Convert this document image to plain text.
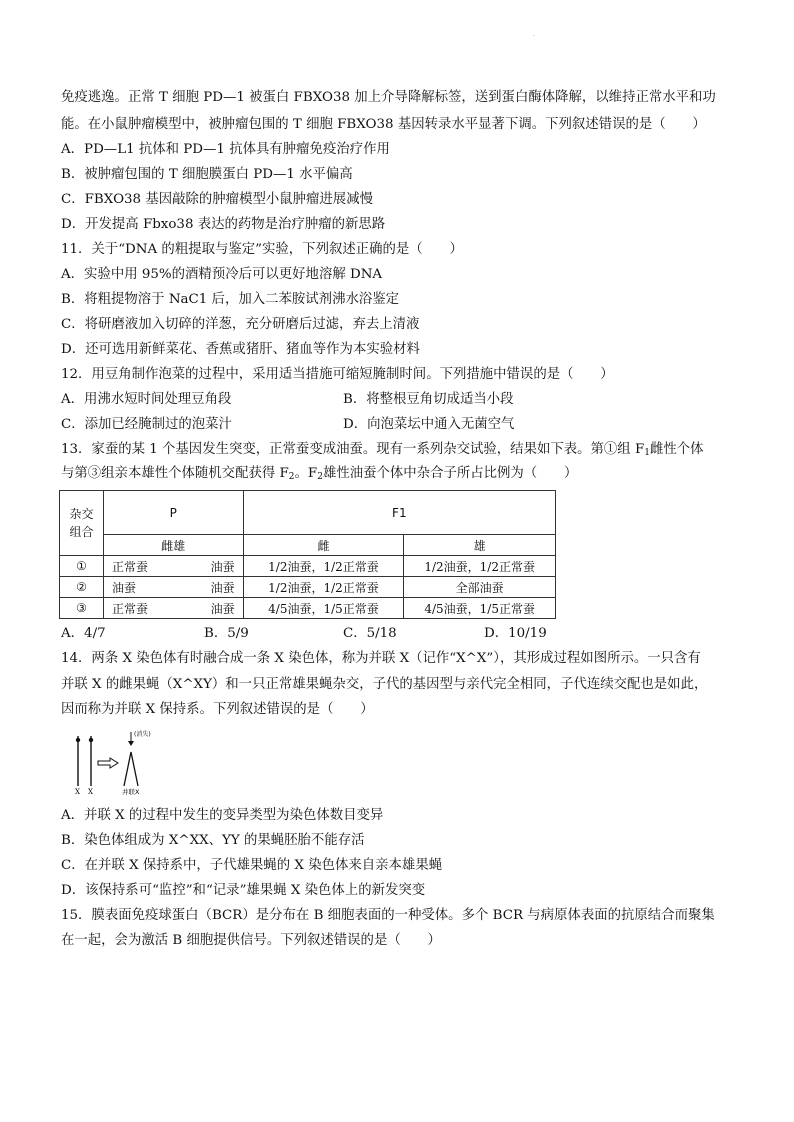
.
免疫逃逸。正常 T 细胞 PD—1 被蛋白 FBXO38 加上介导降解标签，送到蛋白酶体降解，以维持正常水平和功
能。在小鼠肿瘤模型中，被肿瘤包围的 T 细胞 FBXO38 基因转录水平显著下调。下列叙述错误的是（　　）
A．PD—L1 抗体和 PD—1 抗体具有肿瘤免疫治疗作用
B．被肿瘤包围的 T 细胞膜蛋白 PD—1 水平偏高
C．FBXO38 基因敲除的肿瘤模型小鼠肿瘤进展减慢
D．开发提高 Fbxo38 表达的药物是治疗肿瘤的新思路
11．关于“DNA 的粗提取与鉴定”实验，下列叙述正确的是（　　）
A．实验中用 95%的酒精预冷后可以更好地溶解 DNA
B．将粗提物溶于 NaC1 后，加入二苯胺试剂沸水浴鉴定
C．将研磨液加入切碎的洋葱，充分研磨后过滤，弃去上清液
D．还可选用新鲜菜花、香蕉或猪肝、猪血等作为本实验材料
12．用豆角制作泡菜的过程中，采用适当措施可缩短腌制时间。下列措施中错误的是（　　）
A．用沸水短时间处理豆角段	B．将整根豆角切成适当小段
C．添加已经腌制过的泡菜汁	D．向泡菜坛中通入无菌空气
13．家蚕的某 1 个基因发生突变，正常蚕变成油蚕。现有一系列杂交试验，结果如下表。第①组 $F_1$雌性个体
与第③组亲本雄性个体随机交配获得 $F_2$。$F_2$雄性油蚕个体中杂合子所占比例为（　　）
杂交组合	P	F1	
	雌雄	雌	雄
①	正常蚕 油蚕	1/2油蚕，1/2正常蚕	1/2油蚕，1/2正常蚕
②	油蚕 油蚕	1/2油蚕，1/2正常蚕	全部油蚕
③	正常蚕 油蚕	4/5油蚕，1/5正常蚕	4/5油蚕，1/5正常蚕
A．4/7	B．5/9	C．5/18	D．10/19
14．两条 X 染色体有时融合成一条 X 染色体，称为并联 X（记作“X^X”），其形成过程如图所示。一只含有
并联 X 的雌果蝇（X^XY）和一只正常雄果蝇杂交，子代的基因型与亲代完全相同，子代连续交配也是如此，
因而称为并联 X 保持系。下列叙述错误的是（　　）
(消失)
X X	并联X
A．并联 X 的过程中发生的变异类型为染色体数目变异
B．染色体组成为 X^XX、YY 的果蝇胚胎不能存活
C．在并联 X 保持系中，子代雄果蝇的 X 染色体来自亲本雄果蝇
D．该保持系可“监控”和“记录”雄果蝇 X 染色体上的新发突变
15．膜表面免疫球蛋白（BCR）是分布在 B 细胞表面的一种受体。多个 BCR 与病原体表面的抗原结合而聚集
在一起，会为激活 B 细胞提供信号。下列叙述错误的是（　　）
